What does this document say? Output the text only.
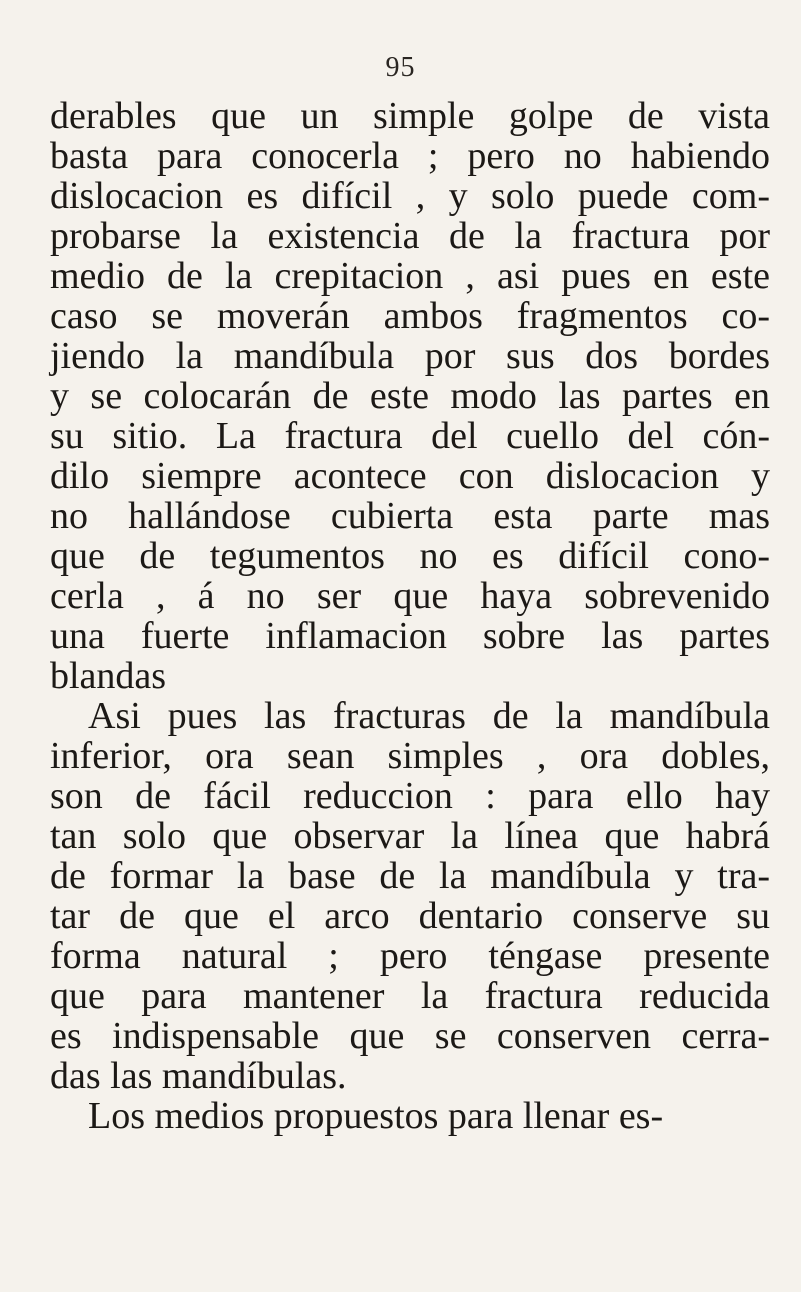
95
derables que un simple golpe de vista
basta para conocerla ; pero no habiendo
dislocacion es difícil , y solo puede com-
probarse la existencia de la fractura por
medio de la crepitacion , asi pues en este
caso se moverán ambos fragmentos co-
jiendo la mandíbula por sus dos bordes
y se colocarán de este modo las partes en
su sitio. La fractura del cuello del cón-
dilo siempre acontece con dislocacion y
no hallándose cubierta esta parte mas
que de tegumentos no es difícil cono-
cerla , á no ser que haya sobrevenido
una fuerte inflamacion sobre las partes
blandas
Asi pues las fracturas de la mandíbula
inferior, ora sean simples , ora dobles,
son de fácil reduccion : para ello hay
tan solo que observar la línea que habrá
de formar la base de la mandíbula y tra-
tar de que el arco dentario conserve su
forma natural ; pero téngase presente
que para mantener la fractura reducida
es indispensable que se conserven cerra-
das las mandíbulas.
Los medios propuestos para llenar es-
